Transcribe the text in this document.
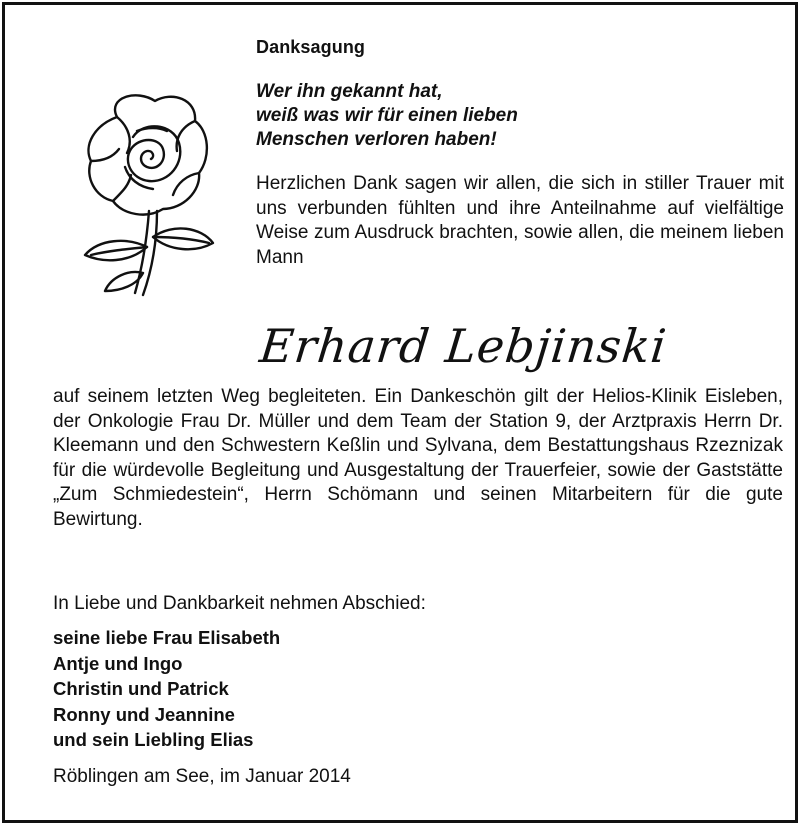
Danksagung
Wer ihn gekannt hat,
weiß was wir für einen lieben
Menschen verloren haben!
Herzlichen Dank sagen wir allen, die sich in stiller Trauer mit uns verbunden fühlten und ihre Anteilnahme auf vielfältige Weise zum Ausdruck brachten, sowie allen, die meinem lieben Mann
Erhard Lebjinski
auf seinem letzten Weg begleiteten. Ein Dankeschön gilt der Helios-Klinik Eisleben, der Onkologie Frau Dr. Müller und dem Team der Station 9, der Arztpraxis Herrn Dr. Kleemann und den Schwestern Keßlin und Sylvana, dem Bestattungshaus Rzeznizak für die würdevolle Begleitung und Ausgestaltung der Trauerfeier, sowie der Gaststätte „Zum Schmiedestein“, Herrn Schömann und seinen Mitarbeitern für die gute Bewirtung.
In Liebe und Dankbarkeit nehmen Abschied:
seine liebe Frau Elisabeth
Antje und Ingo
Christin und Patrick
Ronny und Jeannine
und sein Liebling Elias
Röblingen am See, im Januar 2014
